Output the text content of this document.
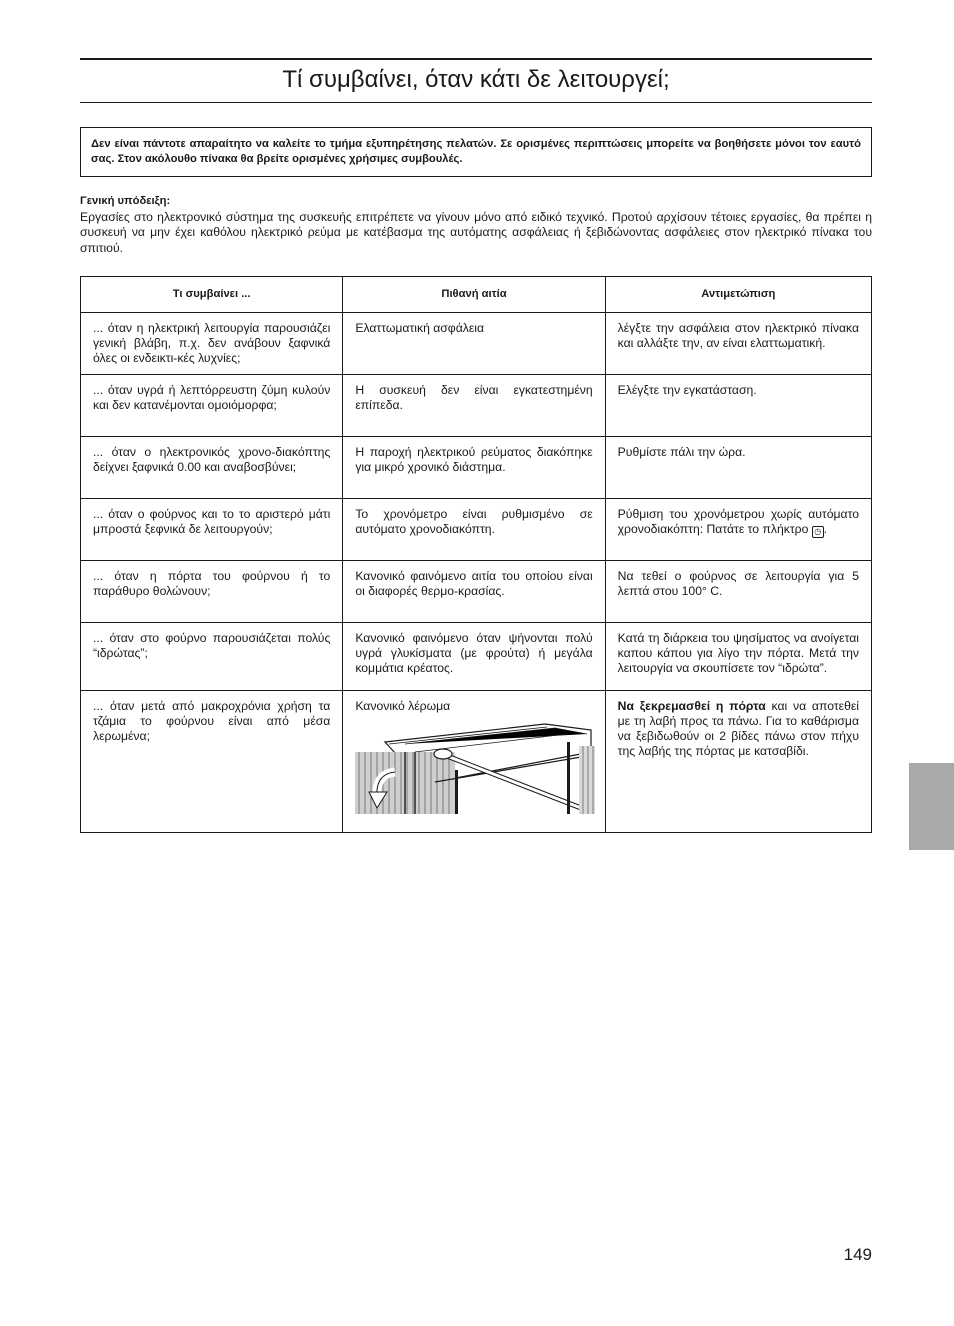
Τί συμβαίνει, όταν κάτι δε λειτουργεί;
Δεν είναι πάντοτε απαραίτητο να καλείτε το τμήμα εξυπηρέτησης πελατών. Σε ορισμένες περιπτώσεις μπορείτε να βοηθήσετε μόνοι τον εαυτό σας. Στον ακόλουθο πίνακα θα βρείτε ορισμένες χρήσιμες συμβουλές.
Γενική υπόδειξη:
Εργασίες στο ηλεκτρονικό σύστημα της συσκευής επιτρέπετε να γίνουν μόνο από ειδικό τεχνικό. Προτού αρχίσουν τέτοιες εργασίες, θα πρέπει η συσκευή να μην έχει καθόλου ηλεκτρικό ρεύμα με κατέβασμα της αυτόματης ασφάλειας ή ξεβιδώνοντας ασφάλειες στον ηλεκτρικό πίνακα του σπιτιού.
Τι συμβαίνει ...	Πιθανή αιτία	Αντιμετώπιση
... όταν η ηλεκτρική λειτουργία παρουσιάζει γενική βλάβη, π.χ. δεν ανάβουν ξαφνικά όλες οι ενδεικτι-κές λυχνίες;	Ελαττωματική ασφάλεια	λέγξτε την ασφάλεια στον ηλεκτρικό πίνακα και αλλάξτε την, αν είναι ελαττωματική.
... όταν υγρά ή λεπτόρρευστη ζύμη κυλούν και δεν κατανέμονται ομοιόμορφα;	Η συσκευή δεν είναι εγκατεστημένη επίπεδα.	Ελέγξτε την εγκατάσταση.
... όταν ο ηλεκτρονικός χρονο-διακόπτης δείχνει ξαφνικά 0.00 και αναβοσβύνει;	Η παροχή ηλεκτρικού ρεύματος διακόπηκε για μικρό χρονικό διάστημα.	Ρυθμίστε πάλι την ώρα.
... όταν ο φούρνος και το το αριστερό μάτι μπροστά ξεφνικά δε λειτουργούν;	Το χρονόμετρο είναι ρυθμισμένο σε αυτόματο χρονοδιακόπτη.	Ρύθμιση του χρονόμετρου χωρίς αυτόματο χρονοδιακόπτη: Πατάτε το πλήκτρο ◷ .
... όταν η πόρτα του φούρνου ή το παράθυρο θολώνουν;	Κανονικό φαινόμενο αιτία του οποίου είναι οι διαφορές θερμο-κρασίας.	Να τεθεί ο φούρνος σε λειτουργία για 5 λεπτά στου 100° C.
... όταν στο φούρνο παρουσιάζεται πολύς “ιδρώτας”;	Κανονικό φαινόμενο όταν ψήνονται πολύ υγρά γλυκίσματα (με φρούτα) ή μεγάλα κομμάτια κρέατος.	Κατά τη διάρκεια του ψησίματος να ανοίγεται καπου κάπου για λίγο την πόρτα. Μετά την λειτουργία να σκουπίσετε τον “ιδρώτα”.
... όταν μετά από μακροχρόνια χρήση τα τζάμια το φούρνου είναι από μέσα λερωμένα;	Κανονικό λέρωμα	Να ξεκρεμασθεί η πόρτα και να αποτεθεί με τη λαβή προς τα πάνω. Για το καθάρισμα να ξεβιδωθούν οι 2 βίδες πάνω στον πήχυ της λαβής της πόρτας με κατσαβίδι.
149
